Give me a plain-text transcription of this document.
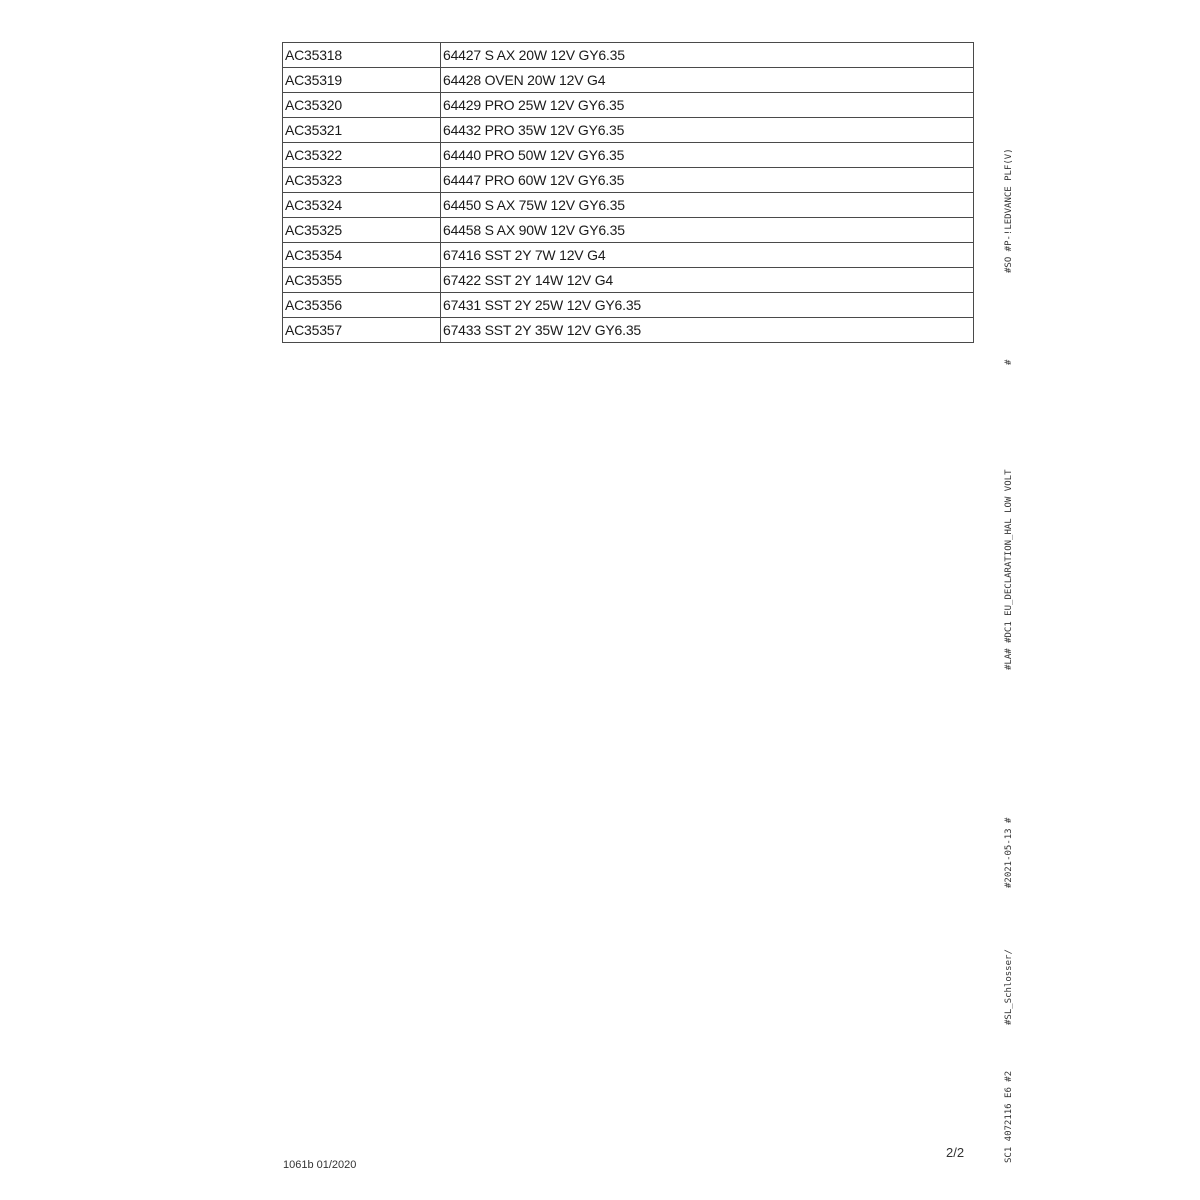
AC35318	64427 S AX 20W 12V GY6.35
AC35319	64428 OVEN 20W 12V G4
AC35320	64429 PRO 25W 12V GY6.35
AC35321	64432 PRO 35W 12V GY6.35
AC35322	64440 PRO 50W 12V GY6.35
AC35323	64447 PRO 60W 12V GY6.35
AC35324	64450 S AX 75W 12V GY6.35
AC35325	64458 S AX 90W 12V GY6.35
AC35354	67416 SST 2Y 7W 12V G4
AC35355	67422 SST 2Y 14W 12V G4
AC35356	67431 SST 2Y 25W 12V GY6.35
AC35357	67433 SST 2Y 35W 12V GY6.35
#SO #P-!LEDVANCE PLF(V)
#
#LA# #DC1 EU_DECLARATION_HAL LOW VOLT
#2021-05-13 #
#SL_Schlosser/
SC1 4072116 E6 #2
1061b 01/2020
2/2
